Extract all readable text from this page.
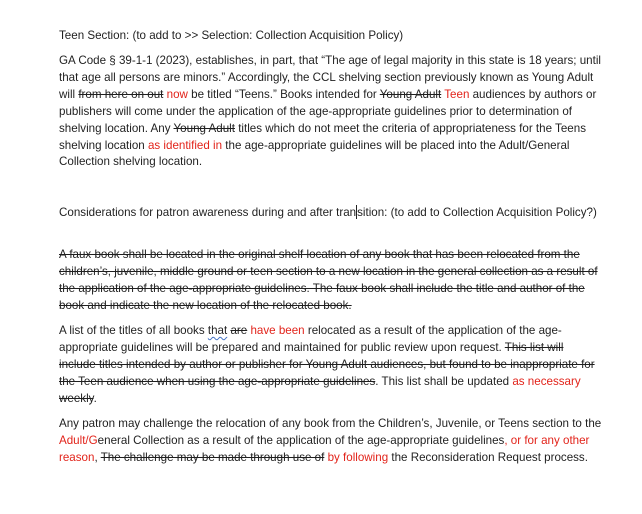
Teen Section: (to add to >> Selection: Collection Acquisition Policy)

GA Code § 39-1-1 (2023), establishes, in part, that “The age of legal majority in this state is 18 years; until that age all persons are minors.” Accordingly, the CCL shelving section previously known as Young Adult will from here on out now be titled “Teens.” Books intended for Young Adult Teen audiences by authors or publishers will come under the application of the age-appropriate guidelines prior to determination of shelving location. Any Young Adult titles which do not meet the criteria of appropriateness for the Teens shelving location as identified in the age-appropriate guidelines will be placed into the Adult/General Collection shelving location.

Considerations for patron awareness during and after transition: (to add to Collection Acquisition Policy?)

A faux book shall be located in the original shelf location of any book that has been relocated from the children’s, juvenile, middle ground or teen section to a new location in the general collection as a result of the application of the age-appropriate guidelines. The faux book shall include the title and author of the book and indicate the new location of the relocated book.

A list of the titles of all books that are have been relocated as a result of the application of the age-appropriate guidelines will be prepared and maintained for public review upon request. This list will include titles intended by author or publisher for Young Adult audiences, but found to be inappropriate for the Teen audience when using the age-appropriate guidelines. This list shall be updated as necessary weekly.

Any patron may challenge the relocation of any book from the Children’s, Juvenile, or Teens section to the Adult/General Collection as a result of the application of the age-appropriate guidelines, or for any other reason, The challenge may be made through use of by following the Reconsideration Request process.
